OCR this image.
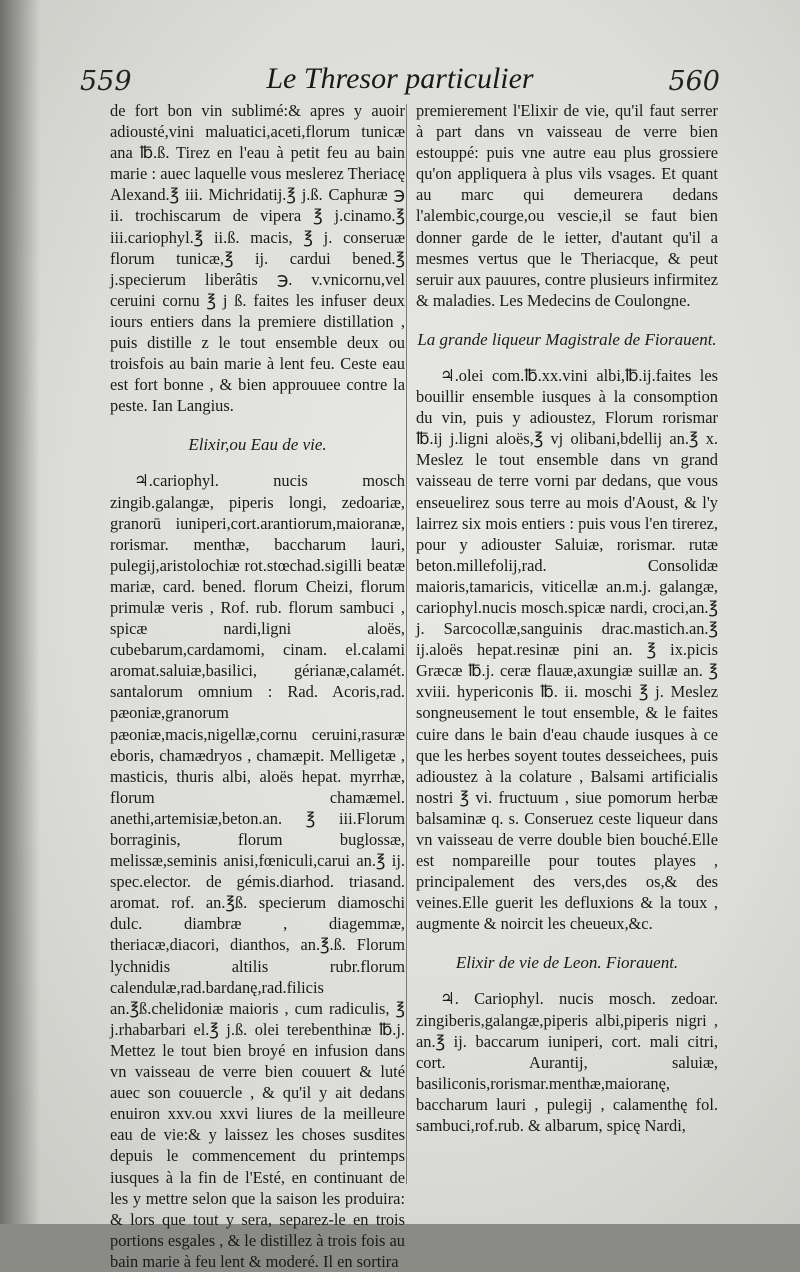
559	Le Thresor particulier	560

de fort bon vin sublimé:& apres y auoir adiousté,vini maluatici,aceti,florum tunicæ ana ℔.ß. Tirez en l'eau à petit feu au bain marie : auec laquelle vous meslerez Theriacę Alexand.℥ iii. Michridatij.℥ j.ß. Caphuræ ℈ ii. trochiscarum de vipera ℥ j.cinamo.℥ iii.cariophyl.℥ ii.ß. macis, ℥ j. conseruæ florum tunicæ,℥ ij. cardui bened.℥ j.specierum liberâtis ℈. v.vnicornu,vel ceruini cornu ℥ j ß. faites les infuser deux iours entiers dans la premiere distillation , puis distille z le tout ensemble deux ou troisfois au bain marie à lent feu. Ceste eau est fort bonne , & bien approuuee contre la peste. Ian Langius.

Elixir,ou Eau de vie.

♃.cariophyl. nucis mosch zingib.galangæ, piperis longi, zedoariæ, granorū iuniperi,cort.arantiorum,maioranæ, rorismar. menthæ, baccharum lauri, pulegij,aristolochiæ rot.stœchad.sigilli beatæ mariæ, card. bened. florum Cheizi, florum primulæ veris , Rof. rub. florum sambuci , spicæ nardi,ligni aloës, cubebarum,cardamomi, cinam. el.calami aromat.saluiæ,basilici, gérianæ,calamét. santalorum omnium : Rad. Acoris,rad. pæoniæ,granorum pæoniæ,macis,nigellæ,cornu ceruini,rasuræ eboris, chamædryos , chamæpit. Melligetæ , masticis, thuris albi, aloës hepat. myrrhæ, florum chamæmel. anethi,artemisiæ,beton.an. ℥ iii.Florum borraginis, florum buglossæ, melissæ,seminis anisi,fœniculi,carui an.℥ ij. spec.elector. de gémis.diarhod. triasand. aromat. rof. an.℥ß. specierum diamoschi dulc. diambræ , diagemmæ, theriacæ,diacori, dianthos, an.℥.ß. Florum lychnidis altilis rubr.florum calendulæ,rad.bardanę,rad.filicis an.℥ß.chelidoniæ maioris , cum radiculis, ℥ j.rhabarbari el.℥ j.ß. olei terebenthinæ ℔.j. Mettez le tout bien broyé en infusion dans vn vaisseau de verre bien couuert & luté auec son couuercle , & qu'il y ait dedans enuiron xxv.ou xxvi liures de la meilleure eau de vie:& y laissez les choses susdites depuis le commencement du printemps iusques à la fin de l'Esté, en continuant de les y mettre selon que la saison les produira: & lors que tout y sera, separez-le en trois portions esgales , & le distillez à trois fois au bain marie à feu lent & moderé. Il en sortira

premierement l'Elixir de vie, qu'il faut serrer à part dans vn vaisseau de verre bien estouppé: puis vne autre eau plus grossiere qu'on appliquera à plus vils vsages. Et quant au marc qui demeurera dedans l'alembic,courge,ou vescie,il se faut bien donner garde de le ietter, d'autant qu'il a mesmes vertus que le Theriacque, & peut seruir aux pauures, contre plusieurs infirmitez & maladies. Les Medecins de Coulongne.

La grande liqueur Magistrale de Fiorauent.

♃.olei com.℔.xx.vini albi,℔.ij.faites les bouillir ensemble iusques à la consomption du vin, puis y adioustez, Florum rorismar ℔.ij j.ligni aloës,℥ vj olibani,bdellij an.℥ x. Meslez le tout ensemble dans vn grand vaisseau de terre vorni par dedans, que vous enseuelirez sous terre au mois d'Aoust, & l'y lairrez six mois entiers : puis vous l'en tirerez, pour y adiouster Saluiæ, rorismar. rutæ beton.millefolij,rad. Consolidæ maioris,tamaricis, viticellæ an.m.j. galangæ, cariophyl.nucis mosch.spicæ nardi, croci,an.℥ j. Sarcocollæ,sanguinis drac.mastich.an.℥ ij.aloës hepat.resinæ pini an. ℥ ix.picis Græcæ ℔.j. ceræ flauæ,axungiæ suillæ an. ℥ xviii. hypericonis ℔. ii. moschi ℥ j. Meslez songneusement le tout ensemble, & le faites cuire dans le bain d'eau chaude iusques à ce que les herbes soyent toutes desseichees, puis adioustez à la colature , Balsami artificialis nostri ℥ vi. fructuum , siue pomorum herbæ balsaminæ q. s. Conseruez ceste liqueur dans vn vaisseau de verre double bien bouché.Elle est nompareille pour toutes playes , principalement des vers,des os,& des veines.Elle guerit les defluxions & la toux , augmente & noircit les cheueux,&c.

Elixir de vie de Leon. Fiorauent.

♃. Cariophyl. nucis mosch. zedoar. zingiberis,galangæ,piperis albi,piperis nigri , an.℥ ij. baccarum iuniperi, cort. mali citri, cort. Aurantij, saluiæ, basiliconis,rorismar.menthæ,maioranę, baccharum lauri , pulegij , calamenthę fol. sambuci,rof.rub. & albarum, spicę Nardi,
